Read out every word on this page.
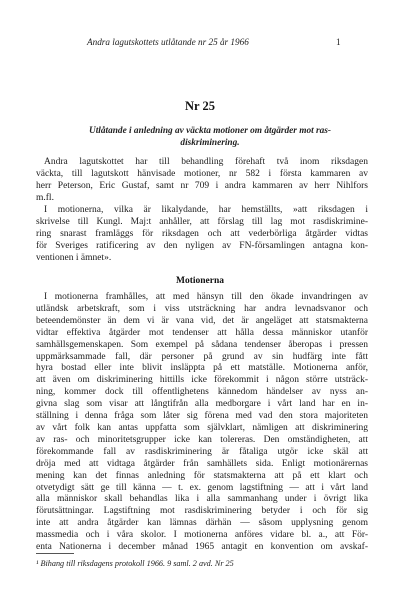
Andra lagutskottets utlåtande nr 25 år 1966	1
Nr 25
Utlåtande i anledning av väckta motioner om åtgärder mot ras-
diskriminering.

Andra lagutskottet har till behandling förehaft två inom riksdagen
väckta, till lagutskott hänvisade motioner, nr 582 i första kammaren av
herr Peterson, Eric Gustaf, samt nr 709 i andra kammaren av herr Nihlfors
m.fl.

I motionerna, vilka är likalydande, har hemställts, »att riksdagen i
skrivelse till Kungl. Maj:t anhåller, att förslag till lag mot rasdiskrimine-
ring snarast framläggs för riksdagen och att vederbörliga åtgärder vidtas
för Sveriges ratificering av den nyligen av FN-församlingen antagna kon-
ventionen i ämnet».

Motionerna

I motionerna framhålles, att med hänsyn till den ökade invandringen av
utländsk arbetskraft, som i viss utsträckning har andra levnadsvanor och
beteendemönster än dem vi är vana vid, det är angeläget att statsmakterna
vidtar effektiva åtgärder mot tendenser att hålla dessa människor utanför
samhällsgemenskapen. Som exempel på sådana tendenser åberopas i pressen
uppmärksammade fall, där personer på grund av sin hudfärg inte fått
hyra bostad eller inte blivit insläppta på ett matställe. Motionerna anför,
att även om diskriminering hittills icke förekommit i någon större utsträck-
ning, kommer dock till offentlighetens kännedom händelser av nyss an-
givna slag som visar att långtifrån alla medborgare i vårt land har en in-
ställning i denna fråga som låter sig förena med vad den stora majoriteten
av vårt folk kan antas uppfatta som självklart, nämligen att diskriminering
av ras- och minoritetsgrupper icke kan tolereras. Den omständigheten, att
förekommande fall av rasdiskriminering är fåtaliga utgör icke skäl att
dröja med att vidtaga åtgärder från samhällets sida. Enligt motionärernas
mening kan det finnas anledning för statsmakterna att på ett klart och
otvetydigt sätt ge till känna — t. ex. genom lagstiftning — att i vårt land
alla människor skall behandlas lika i alla sammanhang under i övrigt lika
förutsättningar. Lagstiftning mot rasdiskriminering betyder i och för sig
inte att andra åtgärder kan lämnas därhän — såsom upplysning genom
massmedia och i våra skolor. I motionerna anföres vidare bl. a., att För-
enta Nationerna i december månad 1965 antagit en konvention om avskaf-

¹ Bihang till riksdagens protokoll 1966. 9 saml. 2 avd. Nr 25
